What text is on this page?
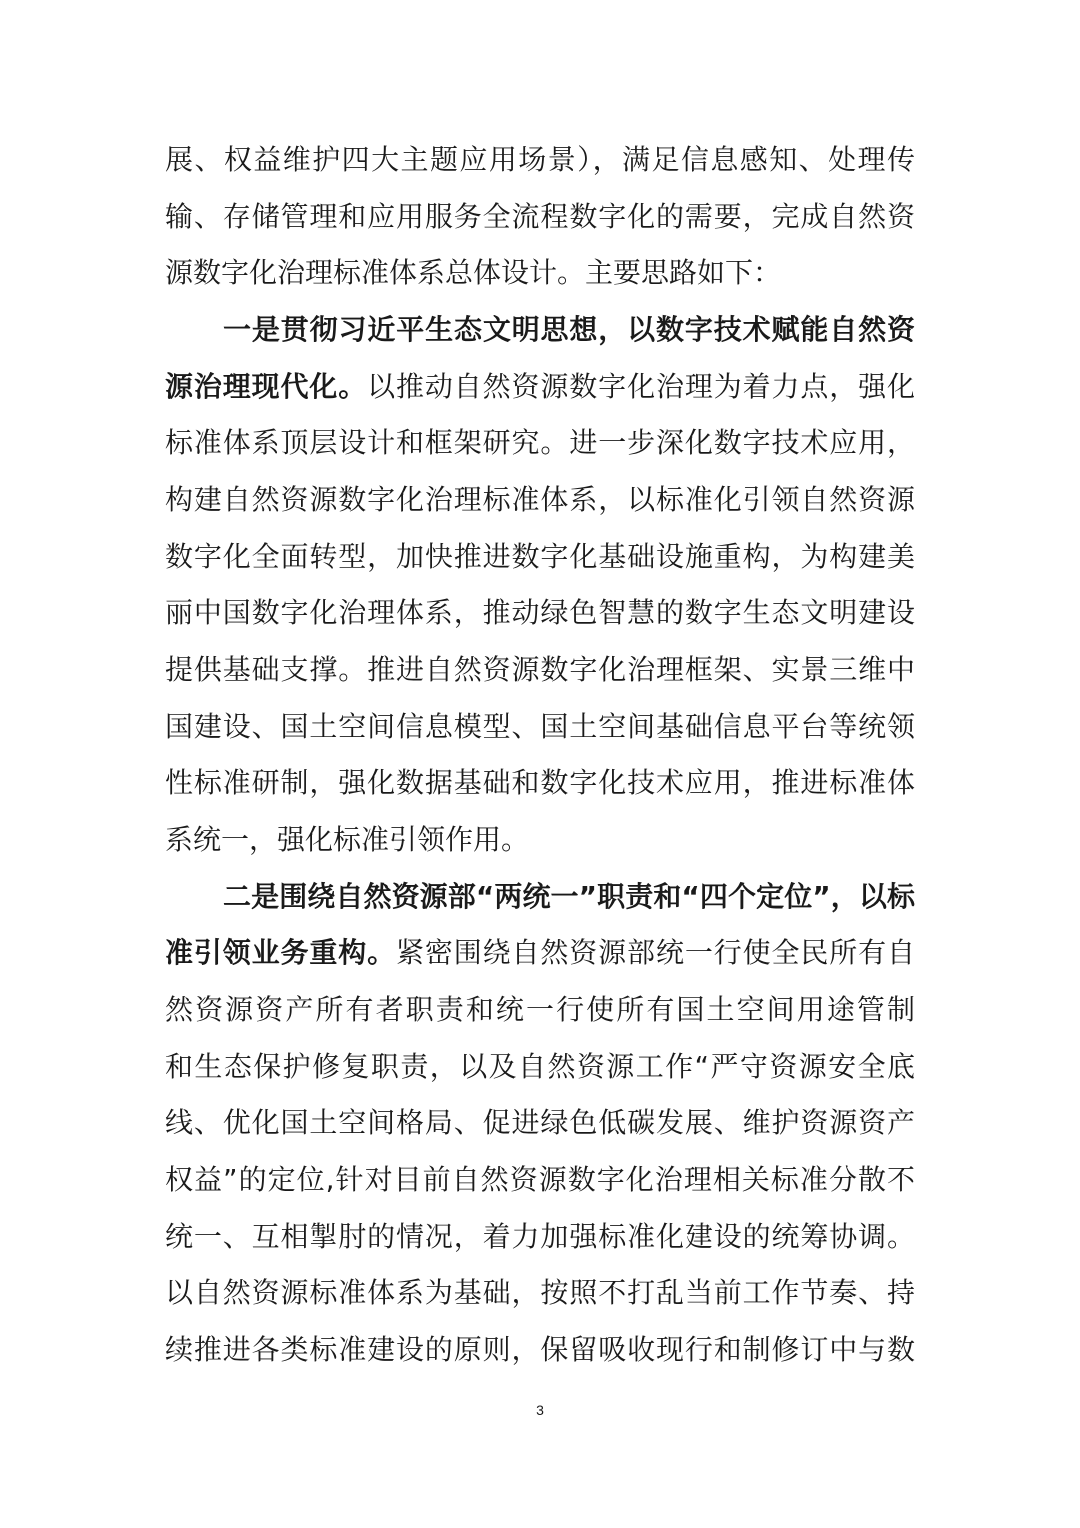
展、权益维护四大主题应用场景），满足信息感知、处理传
输、存储管理和应用服务全流程数字化的需要，完成自然资
源数字化治理标准体系总体设计。主要思路如下：
一是贯彻习近平生态文明思想，以数字技术赋能自然资
源治理现代化。以推动自然资源数字化治理为着力点，强化
标准体系顶层设计和框架研究。进一步深化数字技术应用，
构建自然资源数字化治理标准体系，以标准化引领自然资源
数字化全面转型，加快推进数字化基础设施重构，为构建美
丽中国数字化治理体系，推动绿色智慧的数字生态文明建设
提供基础支撑。推进自然资源数字化治理框架、实景三维中
国建设、国土空间信息模型、国土空间基础信息平台等统领
性标准研制，强化数据基础和数字化技术应用，推进标准体
系统一，强化标准引领作用。
二是围绕自然资源部“两统一”职责和“四个定位”，以标
准引领业务重构。紧密围绕自然资源部统一行使全民所有自
然资源资产所有者职责和统一行使所有国土空间用途管制
和生态保护修复职责，以及自然资源工作“严守资源安全底
线、优化国土空间格局、促进绿色低碳发展、维护资源资产
权益”的定位,针对目前自然资源数字化治理相关标准分散不
统一、互相掣肘的情况，着力加强标准化建设的统筹协调。
以自然资源标准体系为基础，按照不打乱当前工作节奏、持
续推进各类标准建设的原则，保留吸收现行和制修订中与数
3
